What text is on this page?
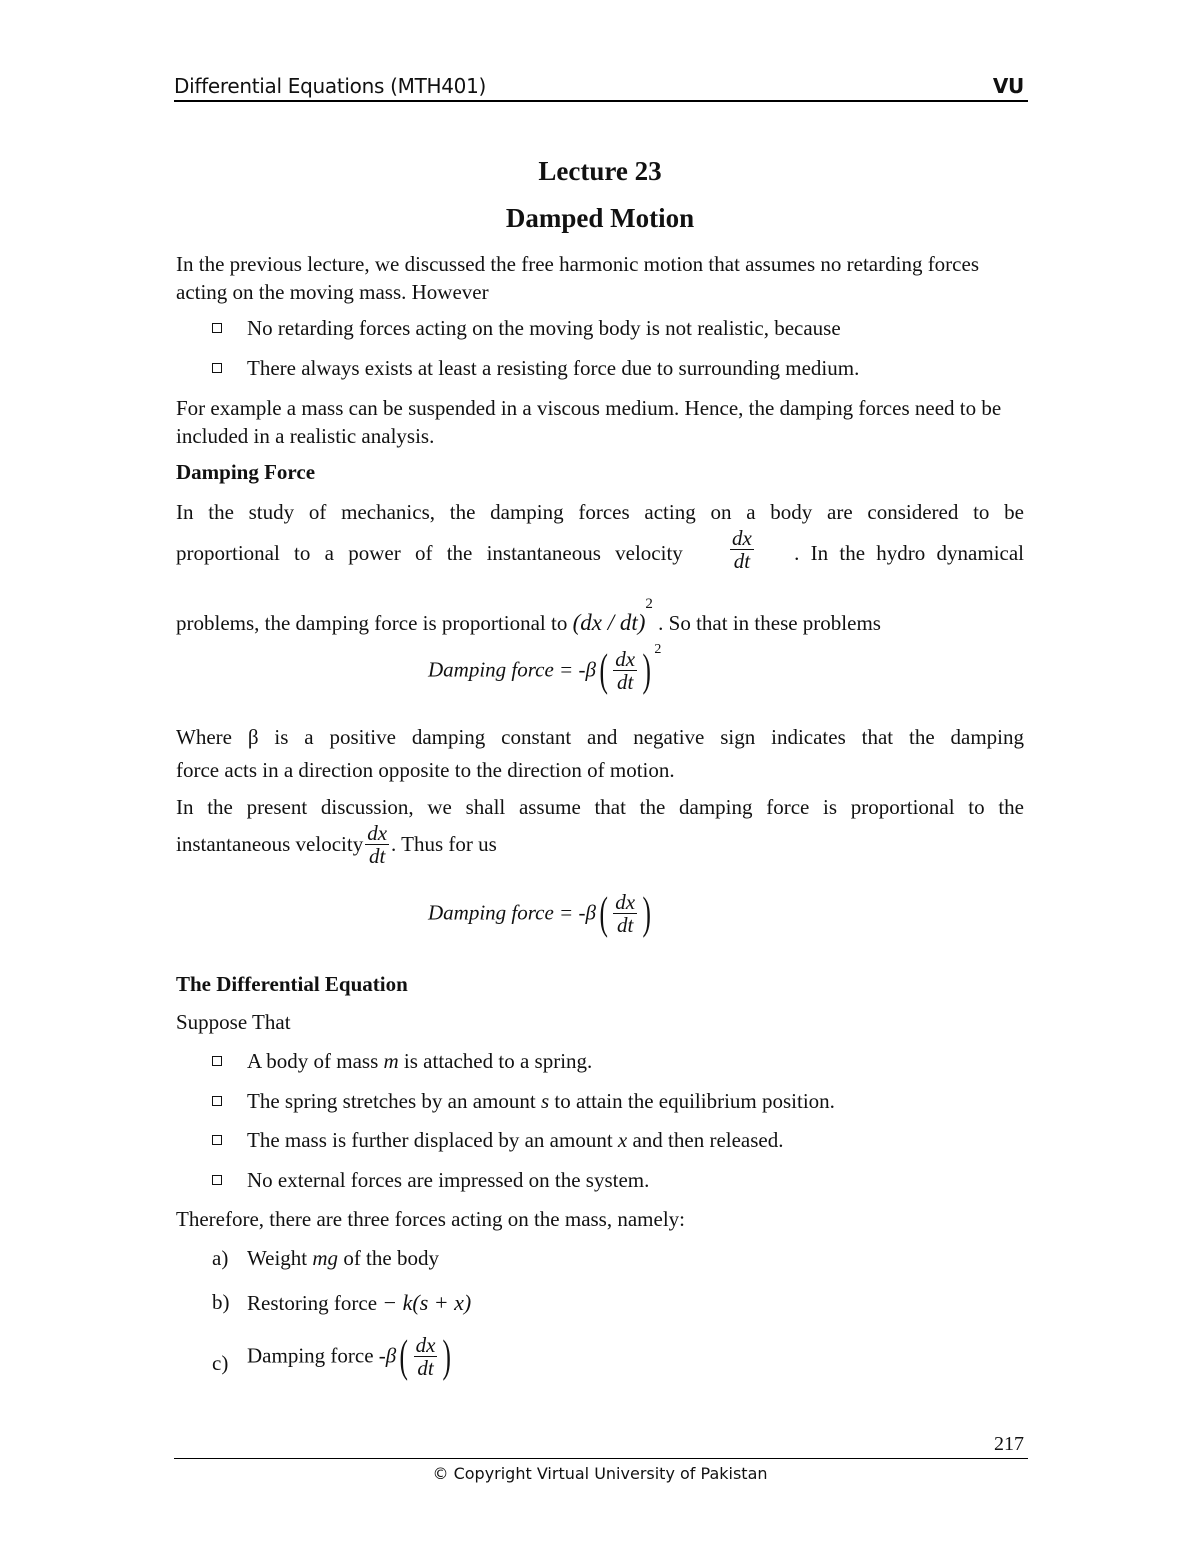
Differential Equations (MTH401)	VU
Lecture 23
Damped Motion
In the previous lecture, we discussed the free harmonic motion that assumes no retarding forces acting on the moving mass. However
No retarding forces acting on the moving body is not realistic, because
There always exists at least a resisting force due to surrounding medium.
For example a mass can be suspended in a viscous medium. Hence, the damping forces need to be included in a realistic analysis.
Damping Force
In the study of mechanics, the damping forces acting on a body are considered to be
proportional to a power of the instantaneous velocity $\frac{dx}{dt}$ . In the hydro dynamical
problems, the damping force is proportional to (dx / dt)$^2$ . So that in these problems
Damping force = $-\beta( \frac{dx}{dt}$ ) $^2$
Where β is a positive damping constant and negative sign indicates that the damping
force acts in a direction opposite to the direction of motion.
In the present discussion, we shall assume that the damping force is proportional to the
instantaneous velocity $\frac{dx}{dt}$ . Thus for us
Damping force = $-\beta( \frac{dx}{dt}$ )
The Differential Equation
Suppose That
A body of mass m is attached to a spring.
The spring stretches by an amount s to attain the equilibrium position.
The mass is further displaced by an amount x and then released.
No external forces are impressed on the system.
Therefore, there are three forces acting on the mass, namely:
a) Weight mg of the body
b) Restoring force − k(s + x)
c) Damping force $-\beta( \frac{dx}{dt}$ )
217
© Copyright Virtual University of Pakistan
